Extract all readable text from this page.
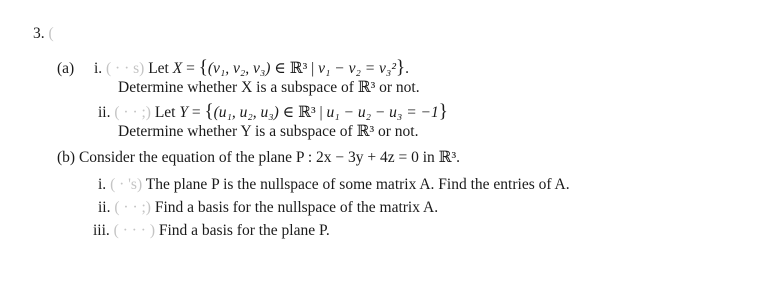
3. (
(a) i. ( · · s) Let X = {(v₁, v₂, v₃) ∈ ℝ³ | v₁ − v₂ = v₃²}.
Determine whether X is a subspace of ℝ³ or not.
ii. ( · · ;) Let Y = {(u₁, u₂, u₃) ∈ ℝ³ | u₁ − u₂ − u₃ = −1}
Determine whether Y is a subspace of ℝ³ or not.
(b) Consider the equation of the plane P : 2x − 3y + 4z = 0 in ℝ³.
i. ( · 's) The plane P is the nullspace of some matrix A. Find the entries of A.
ii. ( · · ;) Find a basis for the nullspace of the matrix A.
iii. ( · · · ) Find a basis for the plane P.
